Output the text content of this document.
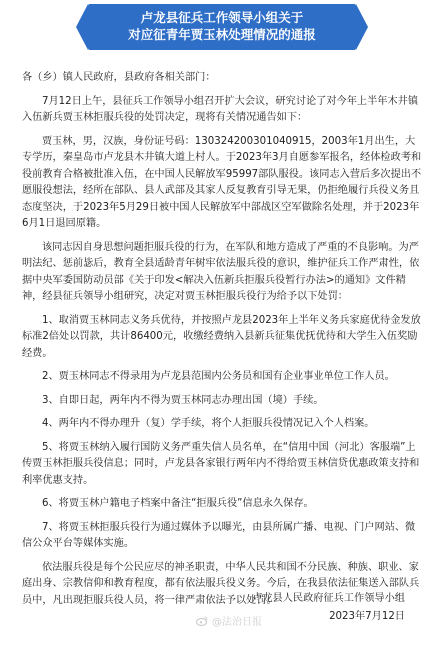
卢龙县征兵工作领导小组关于
对应征青年贾玉林处理情况的通报

各（乡）镇人民政府，县政府各相关部门：

7月12日上午，县征兵工作领导小组召开扩大会议，研究讨论了对今年上半年木井镇入伍新兵贾玉林拒服兵役的处罚决定，现将有关情况通告如下：

贾玉林，男，汉族，身份证号码：130324200301040915，2003年1月出生，大专学历，秦皇岛市卢龙县木井镇大道上村人。于2023年3月自愿参军报名，经体检政考和役前教育合格被批准入伍，在中国人民解放军95997部队服役。该同志入营后多次提出不愿服役想法，经所在部队、县人武部及其家人反复教育引导无果，仍拒绝履行兵役义务且态度坚决，于2023年5月29日被中国人民解放军中部战区空军做除名处理，并于2023年6月1日退回原籍。

该同志因自身思想问题拒服兵役的行为，在军队和地方造成了严重的不良影响。为严明法纪、惩前毖后，教育全县适龄青年树牢依法服兵役的意识，维护征兵工作严肃性，依据中央军委国防动员部《关于印发<解决入伍新兵拒服兵役暂行办法>的通知》文件精神，经县征兵领导小组研究，决定对贾玉林拒服兵役行为给予以下处罚：

1、取消贾玉林同志义务兵优待，并按照卢龙县2023年上半年义务兵家庭优待金发放标准2倍处以罚款，共计86400元，收缴经费纳入县新兵征集优抚优待和大学生入伍奖励经费。

2、贾玉林同志不得录用为卢龙县范围内公务员和国有企业事业单位工作人员。

3、自即日起，两年内不得为贾玉林同志办理出国（境）手续。

4、两年内不得办理升（复）学手续，将个人拒服兵役情况记入个人档案。

5、将贾玉林纳入履行国防义务严重失信人员名单，在“信用中国（河北）客服端”上传贾玉林拒服兵役信息；同时，卢龙县各家银行两年内不得给贾玉林信贷优惠政策支持和利率优惠支持。

6、将贾玉林户籍电子档案中备注“拒服兵役”信息永久保存。

7、将贾玉林拒服兵役行为通过媒体予以曝光，由县所属广播、电视、门户网站、微信公众平台等媒体实施。

依法服兵役是每个公民应尽的神圣职责，中华人民共和国不分民族、种族、职业、家庭出身、宗教信仰和教育程度，都有依法服兵役义务。今后，在我县依法征集送入部队兵员中，凡出现拒服兵役人员，将一律严肃依法予以处罚。

卢龙县人民政府征兵工作领导小组
2023年7月12日
@法治日报
